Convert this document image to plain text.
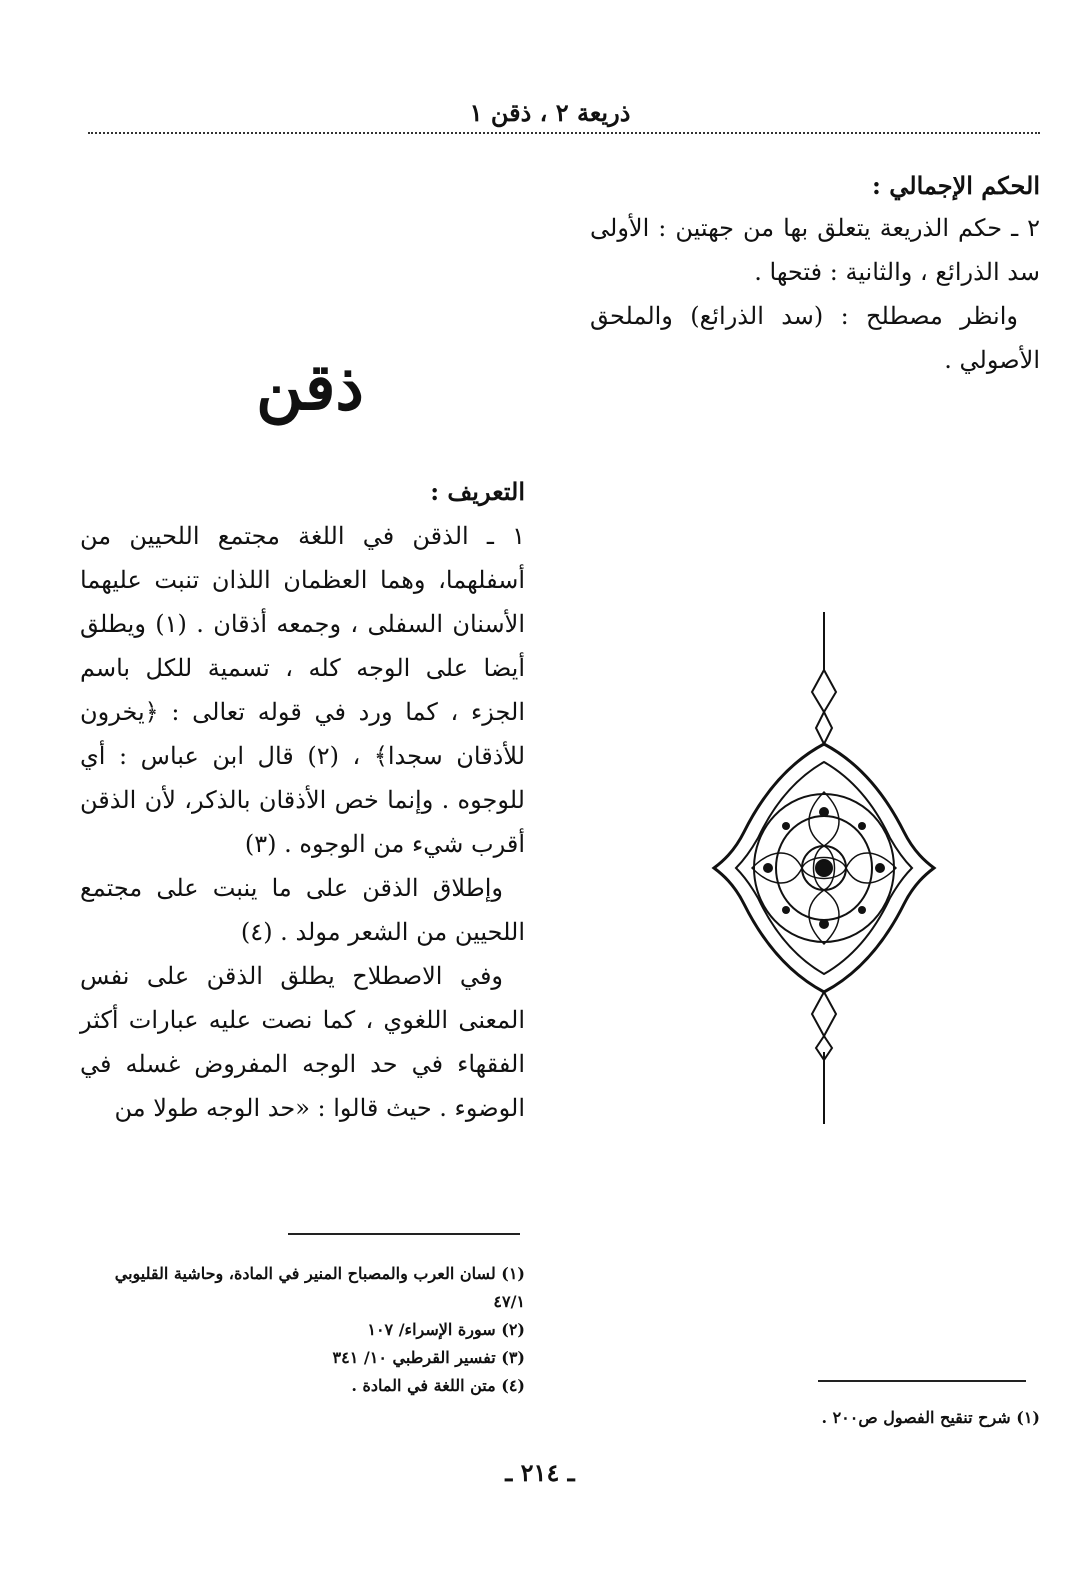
ذريعة ٢ ، ذقن ١
الحكم الإجمالي :

٢ ـ حكم الذريعة يتعلق بها من جهتين : الأولى سد الذرائع ، والثانية : فتحها .

وانظر مصطلح : (سد الذرائع) والملحق الأصولي .

ذقن
التعريف :

١ ـ الذقن في اللغة مجتمع اللحيين من أسفلهما، وهما العظمان اللذان تنبت عليهما الأسنان السفلى ، وجمعه أذقان . (١) ويطلق أيضا على الوجه كله ، تسمية للكل باسم الجزء ، كما ورد في قوله تعالى : ﴿يخرون للأذقان سجدا﴾ ، (٢) قال ابن عباس : أي للوجوه . وإنما خص الأذقان بالذكر، لأن الذقن أقرب شيء من الوجوه . (٣)

وإطلاق الذقن على ما ينبت على مجتمع اللحيين من الشعر مولد . (٤)

وفي الاصطلاح يطلق الذقن على نفس المعنى اللغوي ، كما نصت عليه عبارات أكثر الفقهاء في حد الوجه المفروض غسله في الوضوء . حيث قالوا : «حد الوجه طولا من

(١) لسان العرب والمصباح المنير في المادة، وحاشية القليوبي ٤٧/١
(٢) سورة الإسراء/ ١٠٧
(٣) تفسير القرطبي ١٠/ ٣٤١
(٤) متن اللغة في المادة .
(١) شرح تنقيح الفصول ص٢٠٠ .
ـ ٢١٤ ـ
